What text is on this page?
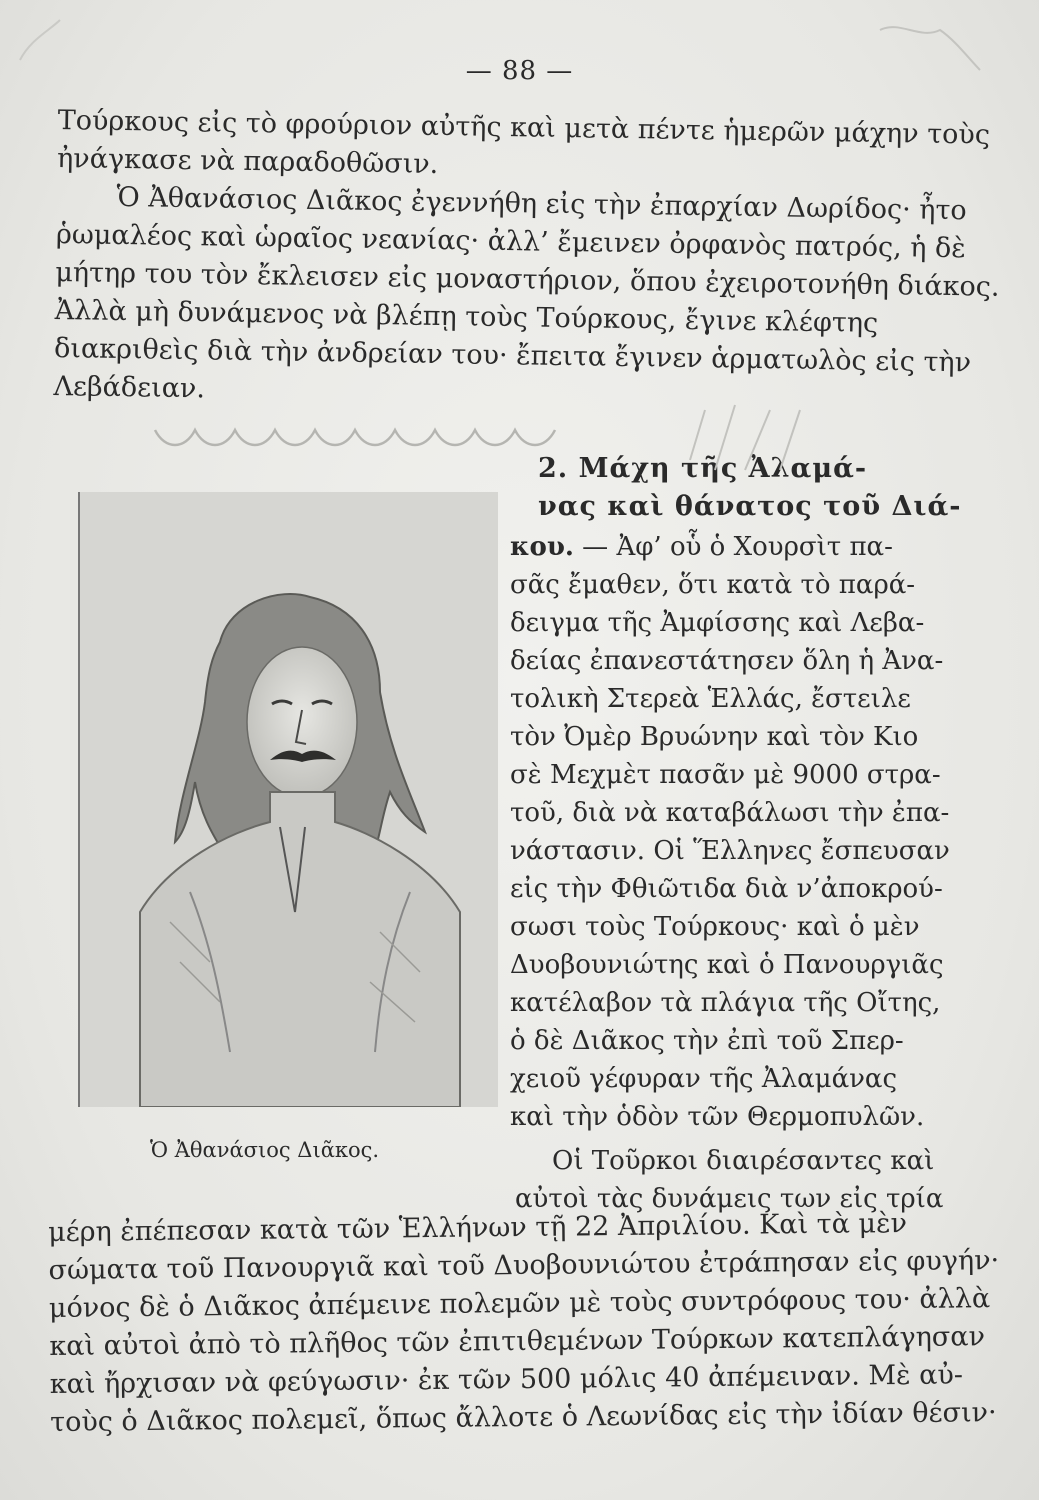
— 88 —
Τούρκους εἰς τὸ φρούριον αὐτῆς καὶ μετὰ πέντε ἡμερῶν μάχην τοὺς
ἠνάγκασε νὰ παραδοθῶσιν.
Ὁ Ἀθανάσιος Διᾶκος ἐγεννήθη εἰς τὴν ἐπαρχίαν Δωρίδος· ἦτο
ῥωμαλέος καὶ ὡραῖος νεανίας· ἀλλ’ ἔμεινεν ὀρφανὸς πατρός, ἡ δὲ
μήτηρ του τὸν ἔκλεισεν εἰς μοναστήριον, ὅπου ἐχειροτονήθη διάκος.
Ἀλλὰ μὴ δυνάμενος νὰ βλέπῃ τοὺς Τούρκους, ἔγινε κλέφτης
διακριθεὶς διὰ τὴν ἀνδρείαν του· ἔπειτα ἔγινεν ἁρματωλὸς εἰς τὴν
Λεβάδειαν.
2. Μάχη τῆς Ἀλαμά-
νας καὶ θάνατος τοῦ Διά-
κου. — Ἀφ’ οὗ ὁ Χουρσὶτ πα-
σᾶς ἔμαθεν, ὅτι κατὰ τὸ παρά-
δειγμα τῆς Ἀμφίσσης καὶ Λεβα-
δείας ἐπανεστάτησεν ὅλη ἡ Ἀνα-
τολικὴ Στερεὰ Ἑλλάς, ἔστειλε
τὸν Ὀμὲρ Βρυώνην καὶ τὸν Κιο
σὲ Μεχμὲτ πασᾶν μὲ 9000 στρα-
τοῦ, διὰ νὰ καταβάλωσι τὴν ἐπα-
νάστασιν. Οἱ Ἕλληνες ἔσπευσαν
εἰς τὴν Φθιῶτιδα διὰ ν’ἀποκρού-
σωσι τοὺς Τούρκους· καὶ ὁ μὲν
Δυοβουνιώτης καὶ ὁ Πανουργιᾶς
κατέλαβον τὰ πλάγια τῆς Οἴτης,
ὁ δὲ Διᾶκος τὴν ἐπὶ τοῦ Σπερ-
χειοῦ γέφυραν τῆς Ἀλαμάνας
καὶ τὴν ὁδὸν τῶν Θερμοπυλῶν.
Οἱ Τοῦρκοι διαιρέσαντες καὶ
αὐτοὶ τὰς δυνάμεις των εἰς τρία
Ὁ Ἀθανάσιος Διᾶκος.
μέρη ἐπέπεσαν κατὰ τῶν Ἑλλήνων τῇ 22 Ἀπριλίου. Καὶ τὰ μὲν
σώματα τοῦ Πανουργιᾶ καὶ τοῦ Δυοβουνιώτου ἐτράπησαν εἰς φυγήν·
μόνος δὲ ὁ Διᾶκος ἀπέμεινε πολεμῶν μὲ τοὺς συντρόφους του· ἀλλὰ
καὶ αὐτοὶ ἀπὸ τὸ πλῆθος τῶν ἐπιτιθεμένων Τούρκων κατεπλάγησαν
καὶ ἤρχισαν νὰ φεύγωσιν· ἐκ τῶν 500 μόλις 40 ἀπέμειναν. Μὲ αὐ-
τοὺς ὁ Διᾶκος πολεμεῖ, ὅπως ἄλλοτε ὁ Λεωνίδας εἰς τὴν ἰδίαν θέσιν·
